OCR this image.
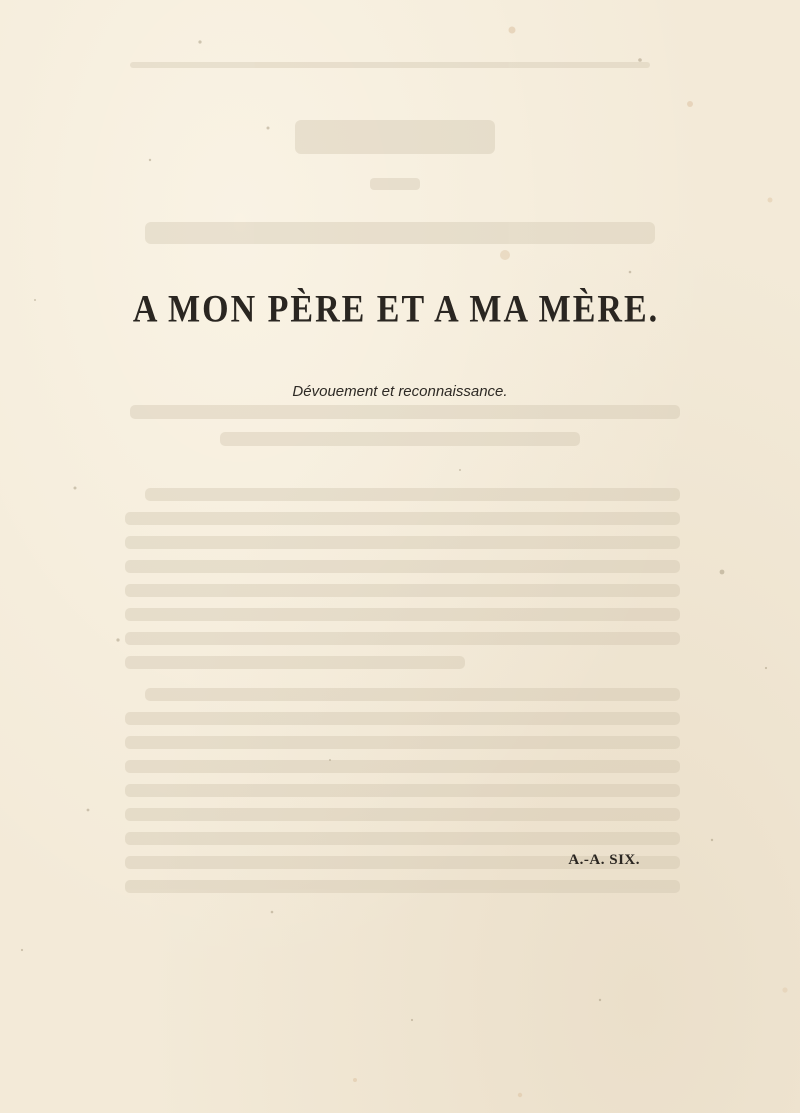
A MON PÈRE ET A MA MÈRE.
Dévouement et reconnaissance.
A.-A. SIX.
